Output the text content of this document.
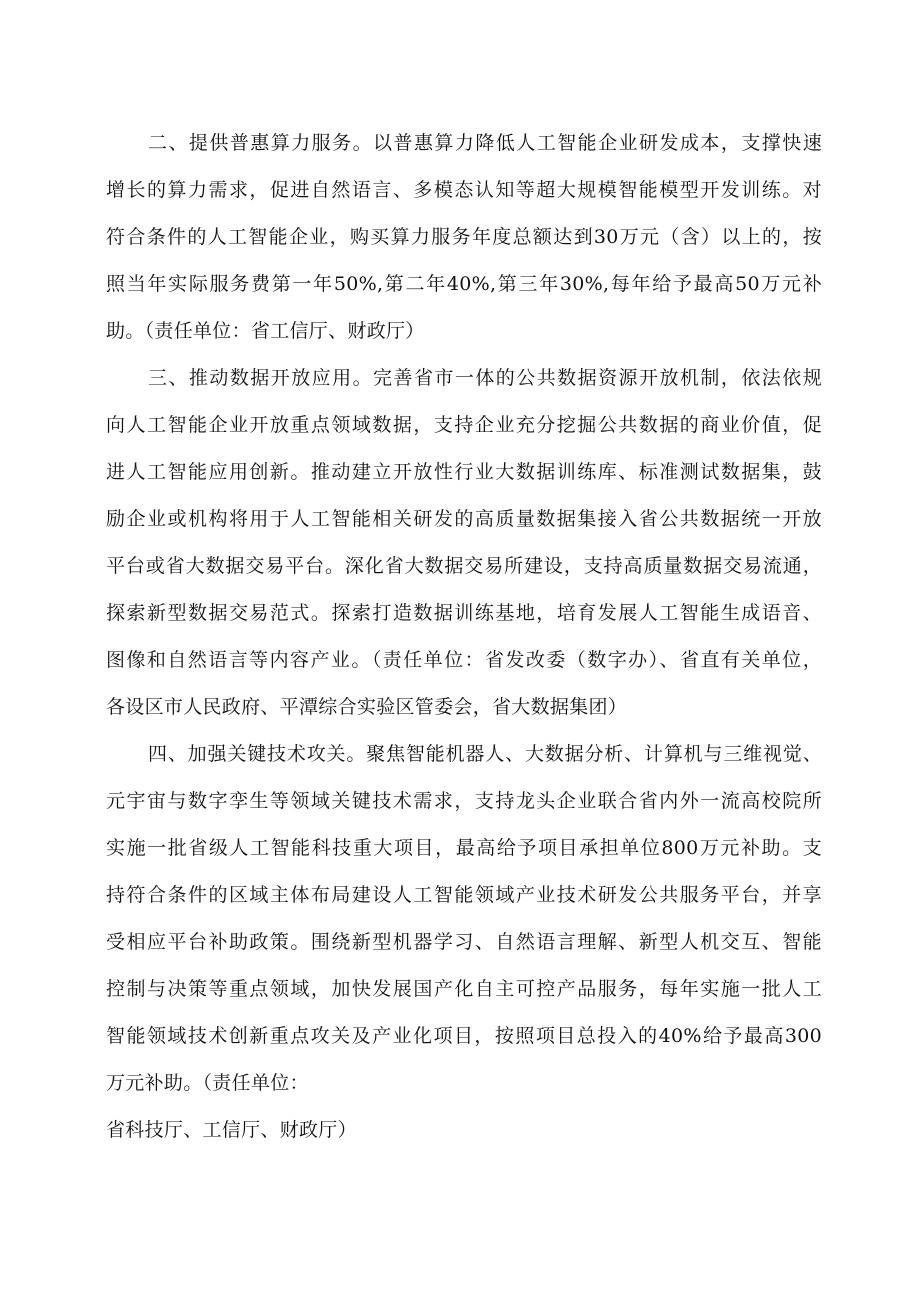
二、提供普惠算力服务。以普惠算力降低人工智能企业研发成本，支撑快速
增长的算力需求，促进自然语言、多模态认知等超大规模智能模型开发训练。对
符合条件的人工智能企业，购买算力服务年度总额达到30万元（含）以上的，按
照当年实际服务费第一年50%,第二年40%,第三年30%,每年给予最高50万元补
助。（责任单位：省工信厅、财政厅）
三、推动数据开放应用。完善省市一体的公共数据资源开放机制，依法依规
向人工智能企业开放重点领域数据，支持企业充分挖掘公共数据的商业价值，促
进人工智能应用创新。推动建立开放性行业大数据训练库、标准测试数据集，鼓
励企业或机构将用于人工智能相关研发的高质量数据集接入省公共数据统一开放
平台或省大数据交易平台。深化省大数据交易所建设，支持高质量数据交易流通，
探索新型数据交易范式。探索打造数据训练基地，培育发展人工智能生成语音、
图像和自然语言等内容产业。（责任单位：省发改委（数字办）、省直有关单位，
各设区市人民政府、平潭综合实验区管委会，省大数据集团）
四、加强关键技术攻关。聚焦智能机器人、大数据分析、计算机与三维视觉、
元宇宙与数字孪生等领域关键技术需求，支持龙头企业联合省内外一流高校院所
实施一批省级人工智能科技重大项目，最高给予项目承担单位800万元补助。支
持符合条件的区域主体布局建设人工智能领域产业技术研发公共服务平台，并享
受相应平台补助政策。围绕新型机器学习、自然语言理解、新型人机交互、智能
控制与决策等重点领域，加快发展国产化自主可控产品服务，每年实施一批人工
智能领域技术创新重点攻关及产业化项目，按照项目总投入的40%给予最高300
万元补助。（责任单位：
省科技厅、工信厅、财政厅）
